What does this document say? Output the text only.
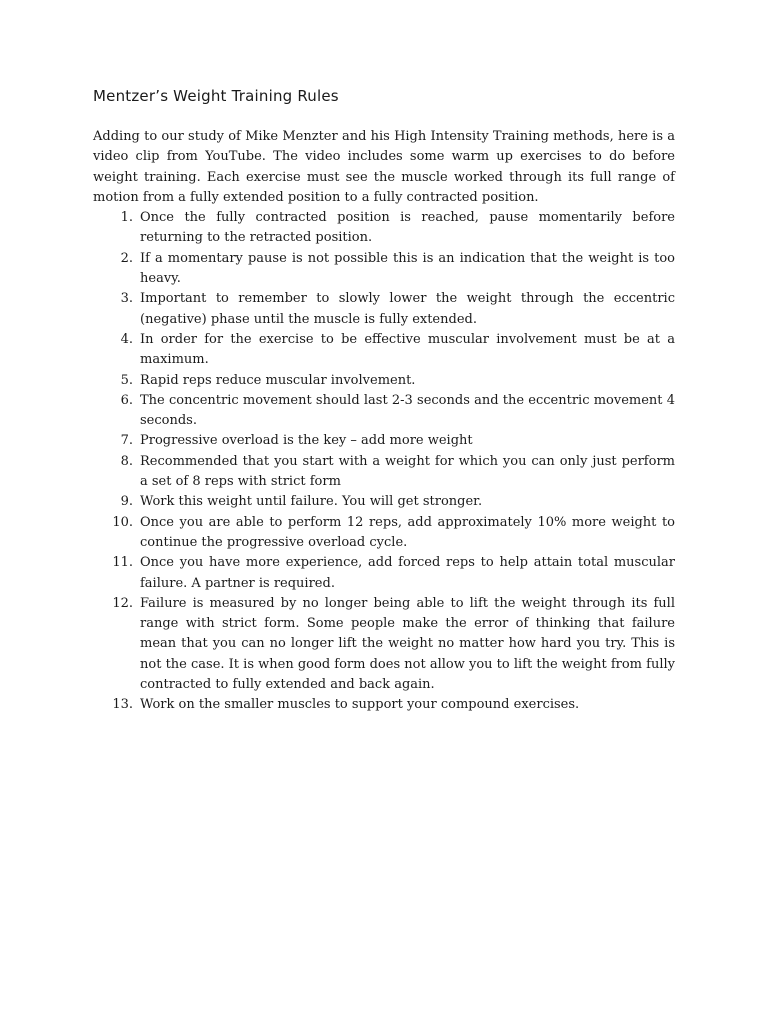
Mentzer’s Weight Training Rules

Adding to our study of Mike Menzter and his High Intensity Training methods, here is a video clip from YouTube. The video includes some warm up exercises to do before weight training. Each exercise must see the muscle worked through its full range of motion from a fully extended position to a fully contracted position.

1. Once the fully contracted position is reached, pause momentarily before returning to the retracted position.
2. If a momentary pause is not possible this is an indication that the weight is too heavy.
3. Important to remember to slowly lower the weight through the eccentric (negative) phase until the muscle is fully extended.
4. In order for the exercise to be effective muscular involvement must be at a maximum.
5. Rapid reps reduce muscular involvement.
6. The concentric movement should last 2-3 seconds and the eccentric movement 4 seconds.
7. Progressive overload is the key – add more weight
8. Recommended that you start with a weight for which you can only just perform a set of 8 reps with strict form
9. Work this weight until failure. You will get stronger.
10. Once you are able to perform 12 reps, add approximately 10% more weight to continue the progressive overload cycle.
11. Once you have more experience, add forced reps to help attain total muscular failure. A partner is required.
12. Failure is measured by no longer being able to lift the weight through its full range with strict form. Some people make the error of thinking that failure mean that you can no longer lift the weight no matter how hard you try. This is not the case. It is when good form does not allow you to lift the weight from fully contracted to fully extended and back again.
13. Work on the smaller muscles to support your compound exercises.
